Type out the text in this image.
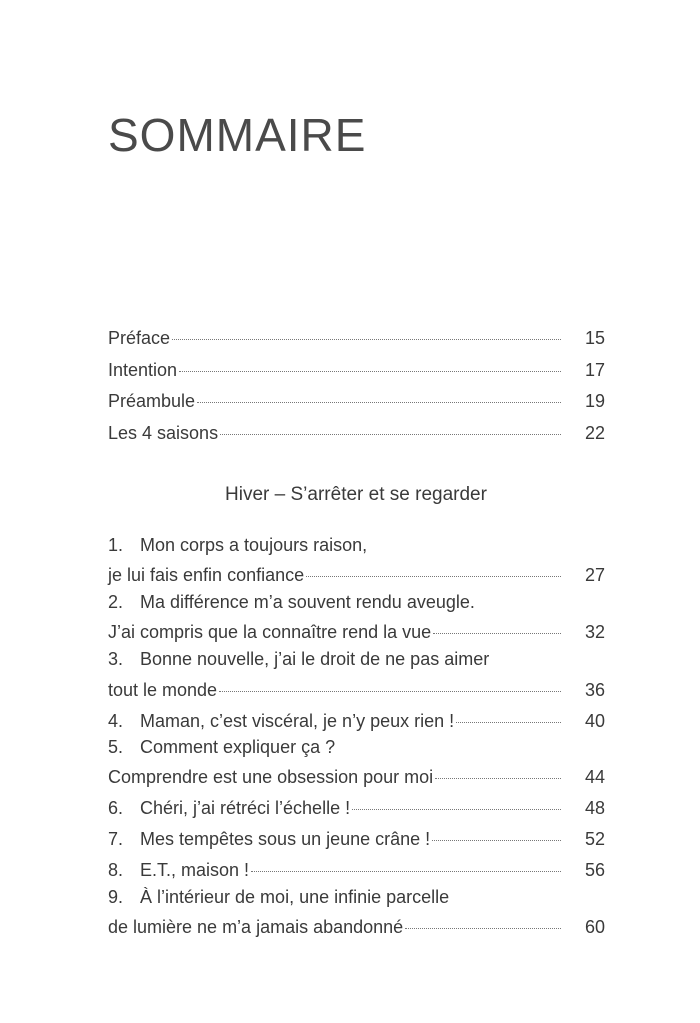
SOMMAIRE
Préface	15
Intention	17
Préambule	19
Les 4 saisons	22
Hiver – S’arrêter et se regarder
1. Mon corps a toujours raison,
je lui fais enfin confiance	27
2. Ma différence m’a souvent rendu aveugle.
J’ai compris que la connaître rend la vue	32
3. Bonne nouvelle, j’ai le droit de ne pas aimer
tout le monde	36
4. Maman, c’est viscéral, je n’y peux rien !	40
5. Comment expliquer ça ?
Comprendre est une obsession pour moi	44
6. Chéri, j’ai rétréci l’échelle !	48
7. Mes tempêtes sous un jeune crâne !	52
8. E.T., maison !	56
9. À l’intérieur de moi, une infinie parcelle
de lumière ne m’a jamais abandonné	60
